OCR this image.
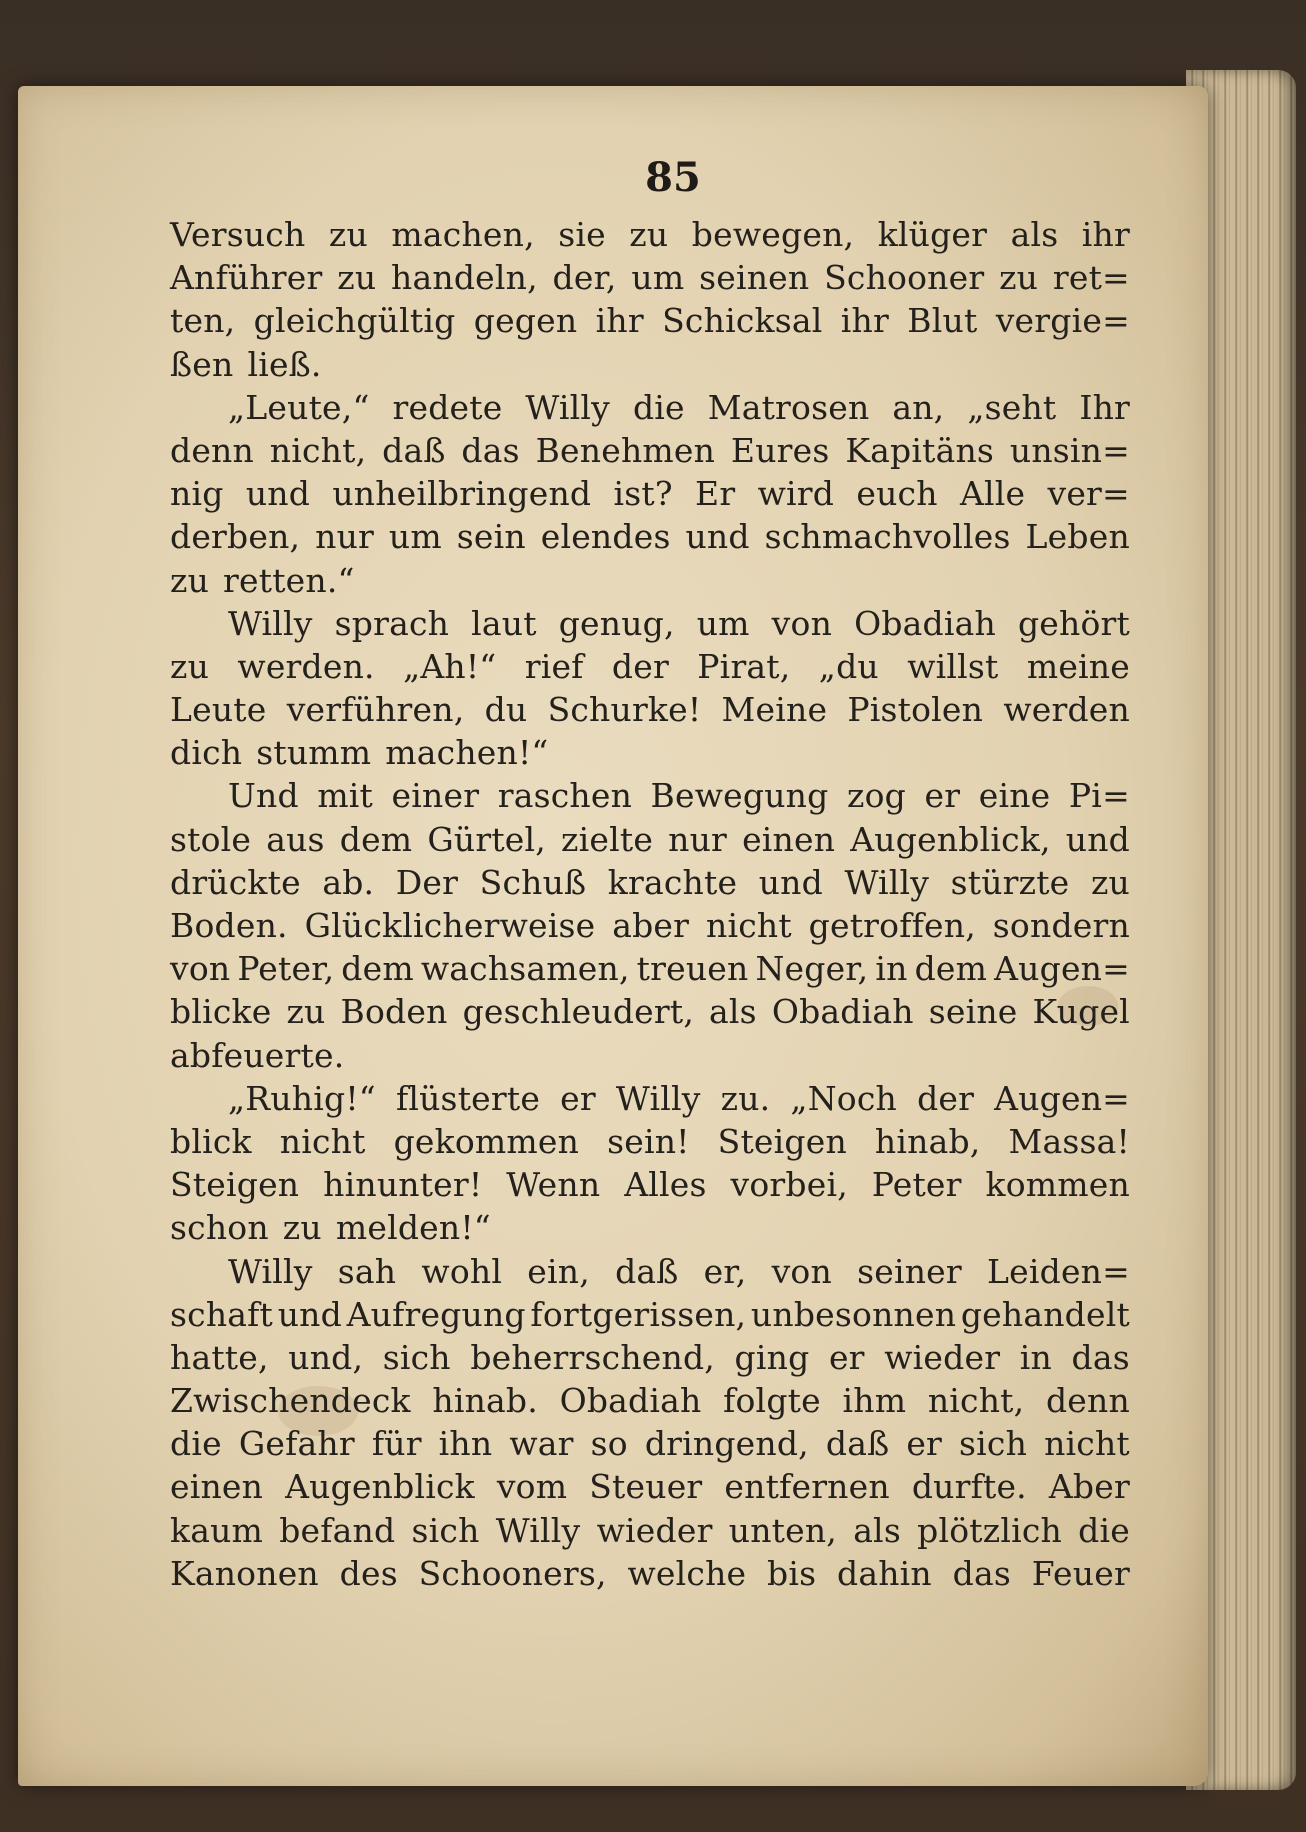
85
Versuch zu machen, sie zu bewegen, klüger als ihr
Anführer zu handeln, der, um seinen Schooner zu ret=
ten, gleichgültig gegen ihr Schicksal ihr Blut vergie=
ßen ließ.
„Leute,“ redete Willy die Matrosen an, „seht Ihr
denn nicht, daß das Benehmen Eures Kapitäns unsin=
nig und unheilbringend ist? Er wird euch Alle ver=
derben, nur um sein elendes und schmachvolles Leben
zu retten.“
Willy sprach laut genug, um von Obadiah gehört
zu werden. „Ah!“ rief der Pirat, „du willst meine
Leute verführen, du Schurke! Meine Pistolen werden
dich stumm machen!“
Und mit einer raschen Bewegung zog er eine Pi=
stole aus dem Gürtel, zielte nur einen Augenblick, und
drückte ab. Der Schuß krachte und Willy stürzte zu
Boden. Glücklicherweise aber nicht getroffen, sondern
von Peter, dem wachsamen, treuen Neger, in dem Augen=
blicke zu Boden geschleudert, als Obadiah seine Kugel
abfeuerte.
„Ruhig!“ flüsterte er Willy zu. „Noch der Augen=
blick nicht gekommen sein! Steigen hinab, Massa!
Steigen hinunter! Wenn Alles vorbei, Peter kommen
schon zu melden!“
Willy sah wohl ein, daß er, von seiner Leiden=
schaft und Aufregung fortgerissen, unbesonnen gehandelt
hatte, und, sich beherrschend, ging er wieder in das
Zwischendeck hinab. Obadiah folgte ihm nicht, denn
die Gefahr für ihn war so dringend, daß er sich nicht
einen Augenblick vom Steuer entfernen durfte. Aber
kaum befand sich Willy wieder unten, als plötzlich die
Kanonen des Schooners, welche bis dahin das Feuer
